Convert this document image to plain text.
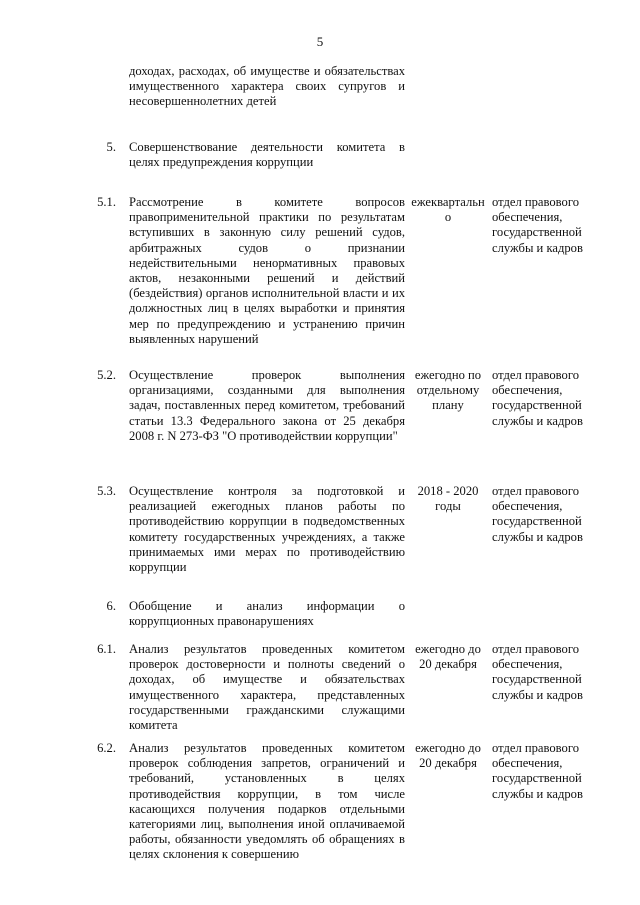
5
доходах, расходах, об имуществе и обязательствах имущественного характера своих супругов и несовершеннолетних детей
5. Совершенствование деятельности комитета в целях предупреждения коррупции
5.1. Рассмотрение в комитете вопросов правоприменительной практики по результатам вступивших в законную силу решений судов, арбитражных судов о признании недействительными ненормативных правовых актов, незаконными решений и действий (бездействия) органов исполнительной власти и их должностных лиц в целях выработки и принятия мер по предупреждению и устранению причин выявленных нарушений
ежеквартально
отдел правового обеспечения, государственной службы и кадров
5.2. Осуществление проверок выполнения организациями, созданными для выполнения задач, поставленных перед комитетом, требований статьи 13.3 Федерального закона от 25 декабря 2008 г. N 273-ФЗ "О противодействии коррупции"
ежегодно по отдельному плану
отдел правового обеспечения, государственной службы и кадров
5.3. Осуществление контроля за подготовкой и реализацией ежегодных планов работы по противодействию коррупции в подведомственных комитету государственных учреждениях, а также принимаемых ими мерах по противодействию коррупции
2018 - 2020 годы
отдел правового обеспечения, государственной службы и кадров
6. Обобщение и анализ информации о коррупционных правонарушениях
6.1. Анализ результатов проведенных комитетом проверок достоверности и полноты сведений о доходах, об имуществе и обязательствах имущественного характера, представленных государственными гражданскими служащими комитета
ежегодно до 20 декабря
отдел правового обеспечения, государственной службы и кадров
6.2. Анализ результатов проведенных комитетом проверок соблюдения запретов, ограничений и требований, установленных в целях противодействия коррупции, в том числе касающихся получения подарков отдельными категориями лиц, выполнения иной оплачиваемой работы, обязанности уведомлять об обращениях в целях склонения к совершению
ежегодно до 20 декабря
отдел правового обеспечения, государственной службы и кадров
